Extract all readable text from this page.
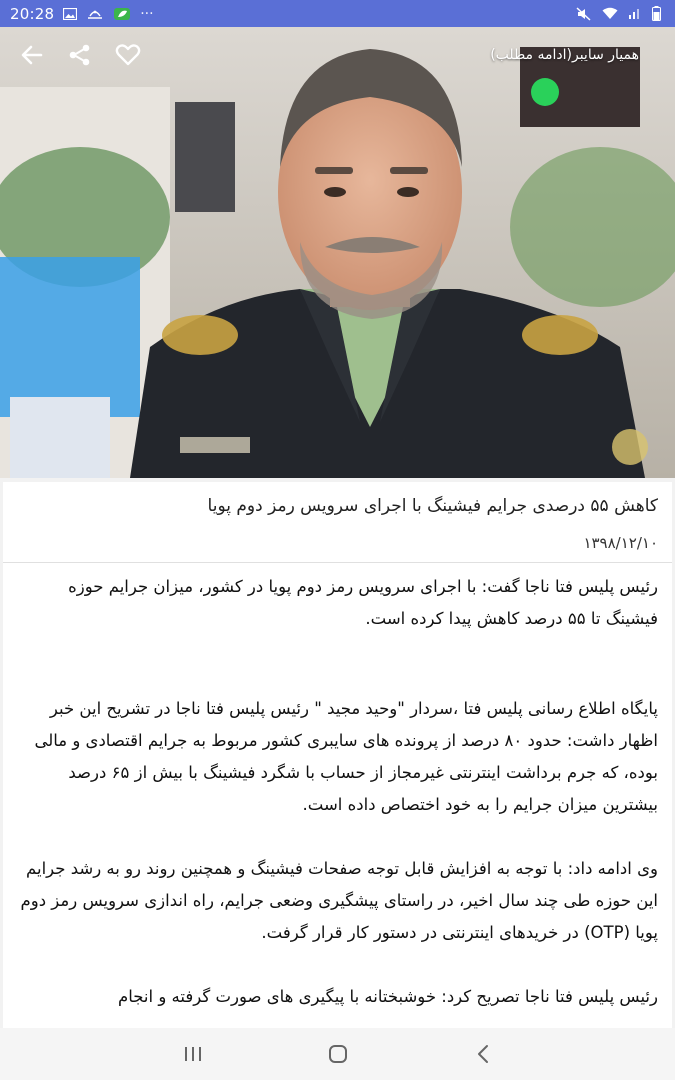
20:28	···
همیار سایبر(ادامه مطلب)
کاهش ۵۵ درصدی جرایم فیشینگ با اجرای سرویس رمز دوم پویا
۱۳۹۸/۱۲/۱۰

رئیس پلیس فتا ناجا گفت: با اجرای سرویس رمز دوم پویا در کشور، میزان جرایم حوزه فیشینگ تا ۵۵ درصد کاهش پیدا کرده است.

پایگاه اطلاع رسانی پلیس فتا ،سردار "وحید مجید " رئیس پلیس فتا ناجا در تشریح این خبر اظهار داشت: حدود ۸۰ درصد از پرونده های سایبری کشور مربوط به جرایم اقتصادی و مالی بوده، که جرم برداشت اینترنتی غیرمجاز از حساب با شگرد فیشینگ با بیش از ۶۵ درصد بیشترین میزان جرایم را به خود اختصاص داده است.

وی ادامه داد: با توجه به افزایش قابل توجه صفحات فیشینگ و همچنین روند رو به رشد جرایم این حوزه طی چند سال اخیر، در راستای پیشگیری وضعی جرایم، راه اندازی سرویس رمز دوم پویا (OTP) در خریدهای اینترنتی در دستور کار قرار گرفت.

رئیس پلیس فتا ناجا تصریح کرد: خوشبختانه با پیگیری های صورت گرفته و انجام
